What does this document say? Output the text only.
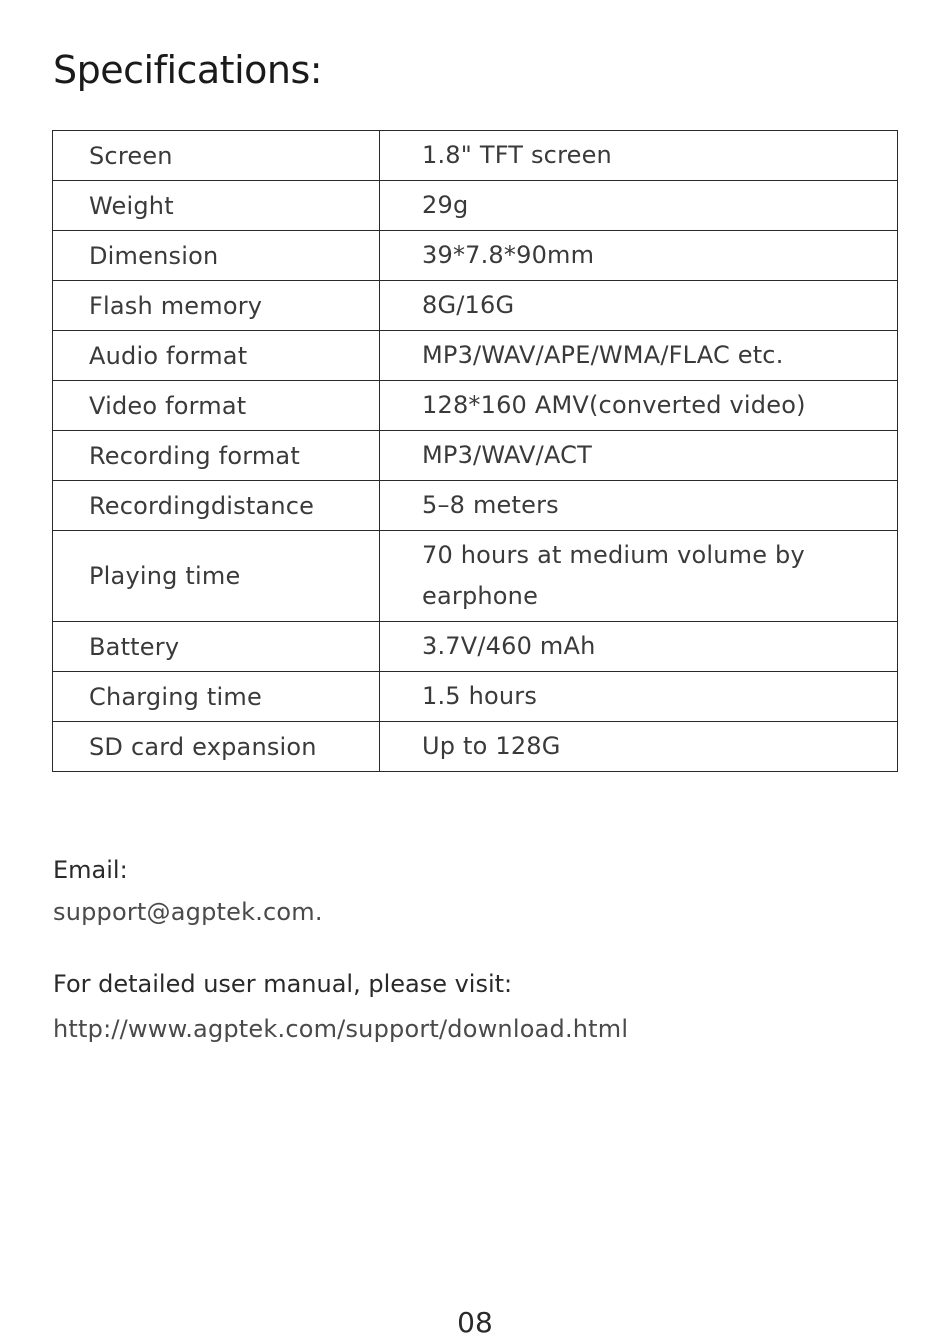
Specifications:
Screen	1.8" TFT screen
Weight	29g
Dimension	39*7.8*90mm
Flash memory	8G/16G
Audio format	MP3/WAV/APE/WMA/FLAC etc.
Video format	128*160 AMV(converted video)
Recording format	MP3/WAV/ACT
Recordingdistance	5–8 meters
Playing time	70 hours at medium volume by earphone
Battery	3.7V/460 mAh
Charging time	1.5 hours
SD card expansion	Up to 128G
Email:
support@agptek.com.
For detailed user manual, please visit:
http://www.agptek.com/support/download.html
08
